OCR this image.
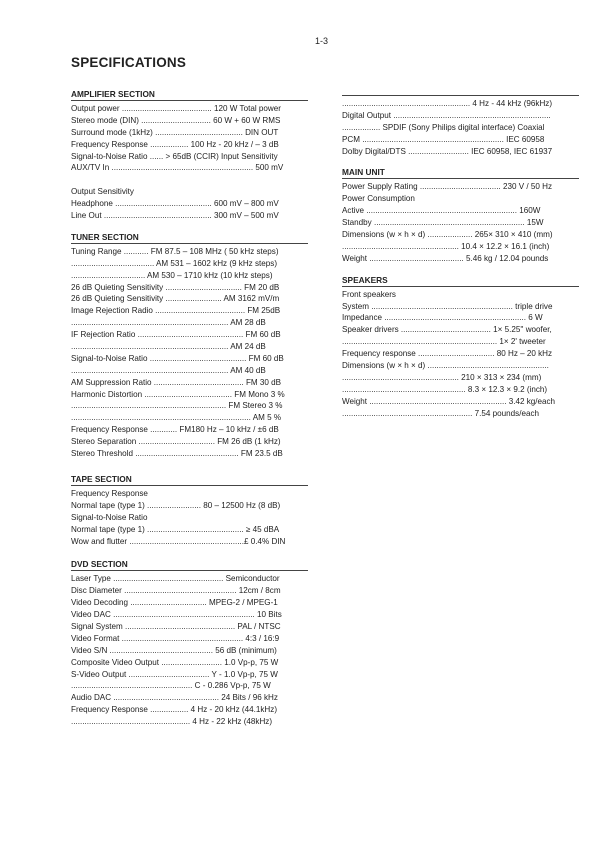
1-3
SPECIFICATIONS
AMPLIFIER SECTION
Output power ........................................ 120 W Total power
Stereo mode (DIN) ............................... 60 W + 60 W RMS
Surround mode (1kHz) ....................................... DIN OUT
Frequency Response ................. 100 Hz - 20 kHz / – 3 dB
Signal-to-Noise Ratio ...... > 65dB (CCIR) Input Sensitivity
AUX/TV In ............................................................... 500 mV
Output Sensitivity
Headphone ........................................... 600 mV – 800 mV
Line Out ................................................ 300 mV – 500 mV
TUNER SECTION
Tuning Range ........... FM 87.5 – 108 MHz ( 50 kHz steps)
..................................... AM 531 – 1602 kHz (9 kHz steps)
................................. AM 530 – 1710 kHz (10 kHz steps)
26 dB Quieting Sensitivity .................................. FM 20 dB
26 dB Quieting Sensitivity ......................... AM 3162 mV/m
Image Rejection Radio ........................................ FM 25dB
...................................................................... AM 28 dB
IF Rejection Ratio ............................................... FM 60 dB
...................................................................... AM 24 dB
Signal-to-Noise Ratio ........................................... FM 60 dB
...................................................................... AM 40 dB
AM Suppression Ratio ........................................ FM 30 dB
Harmonic Distortion ....................................... FM Mono 3 %
..................................................................... FM Stereo 3 %
................................................................................ AM 5 %
Frequency Response ............ FM180 Hz – 10 kHz / ±6 dB
Stereo Separation .................................. FM 26 dB (1 kHz)
Stereo Threshold .............................................. FM 23.5 dB
TAPE SECTION
Frequency Response
Normal tape (type 1) ........................ 80 – 12500 Hz (8 dB)
Signal-to-Noise Ratio
Normal tape (type 1) ........................................... ≥ 45 dBA
Wow and flutter ...................................................£ 0.4% DIN
DVD SECTION
Laser Type ................................................. Semiconductor
Disc Diameter .................................................. 12cm / 8cm
Video Decoding .................................. MPEG-2 / MPEG-1
Video DAC ............................................................... 10 Bits
Signal System ................................................. PAL / NTSC
Video Format ...................................................... 4:3 / 16:9
Video S/N .............................................. 56 dB (minimum)
Composite Video Output ........................... 1.0 Vp-p, 75 W
S-Video Output .................................... Y - 1.0 Vp-p, 75 W
...................................................... C - 0.286 Vp-p, 75 W
Audio DAC ............................................... 24 Bits / 96 kHz
Frequency Response ................. 4 Hz - 20 kHz (44.1kHz)
..................................................... 4 Hz - 22 kHz (48kHz)
......................................................... 4 Hz - 44 kHz (96kHz)
Digital Output ......................................................................
................. SPDIF (Sony Philips digital interface) Coaxial
PCM ............................................................... IEC 60958
Dolby Digital/DTS ........................... IEC 60958, IEC 61937
MAIN UNIT
Power Supply Rating .................................... 230 V / 50 Hz
Power Consumption
Active ................................................................... 160W
Standby ................................................................... 15W
Dimensions (w × h × d) .................... 265× 310 × 410 (mm)
.................................................... 10.4 × 12.2 × 16.1 (inch)
Weight .......................................... 5.46 kg / 12.04 pounds
SPEAKERS
Front speakers
System ............................................................... triple drive
Impedance ............................................................... 6 W
Speaker drivers ........................................ 1× 5.25'' woofer,
..................................................................... 1× 2' tweeter
Frequency response .................................. 80 Hz – 20 kHz
Dimensions (w × h × d) ......................................................
.................................................... 210 × 313 × 234 (mm)
....................................................... 8.3 × 12.3 × 9.2 (inch)
Weight ............................................................. 3.42 kg/each
.......................................................... 7.54 pounds/each
